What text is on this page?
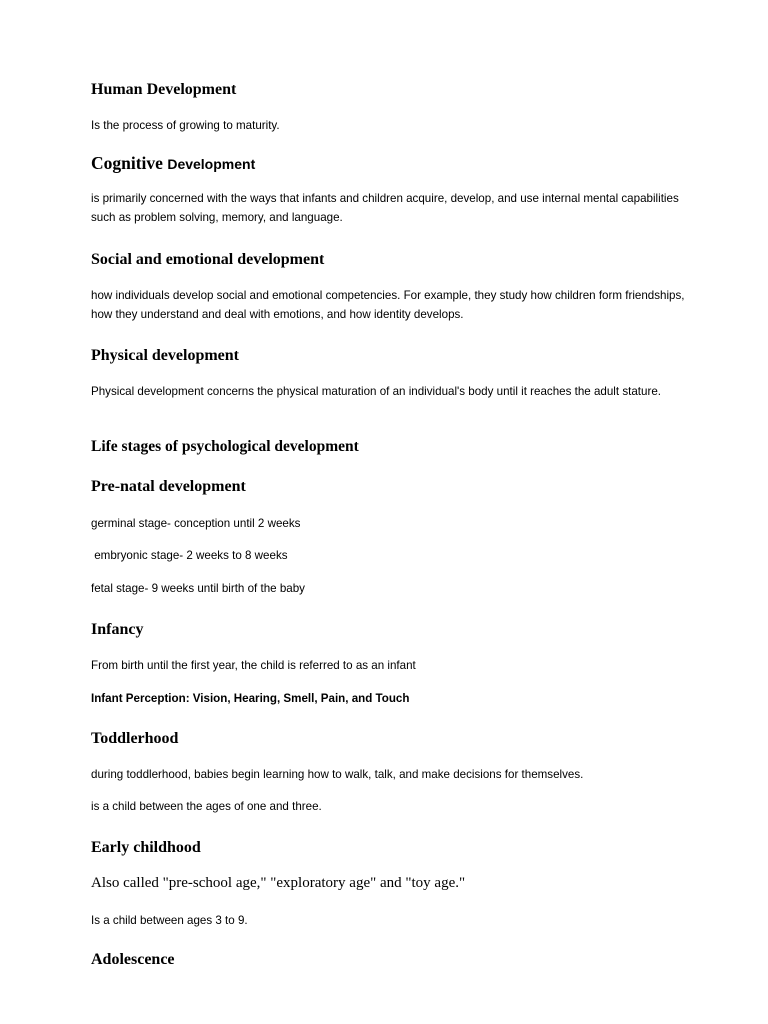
Human Development

Is the process of growing to maturity.

Cognitive Development

is primarily concerned with the ways that infants and children acquire, develop, and use internal mental capabilities such as problem solving, memory, and language.

Social and emotional development

how individuals develop social and emotional competencies. For example, they study how children form friendships, how they understand and deal with emotions, and how identity develops.

Physical development

Physical development concerns the physical maturation of an individual's body until it reaches the adult stature.

Life stages of psychological development
Pre-natal development

germinal stage- conception until 2 weeks

embryonic stage- 2 weeks to 8 weeks

fetal stage- 9 weeks until birth of the baby

Infancy

From birth until the first year, the child is referred to as an infant

Infant Perception: Vision, Hearing, Smell, Pain, and Touch

Toddlerhood

during toddlerhood, babies begin learning how to walk, talk, and make decisions for themselves.

is a child between the ages of one and three.

Early childhood

Also called "pre-school age," "exploratory age" and "toy age."

Is a child between ages 3 to 9.

Adolescence
